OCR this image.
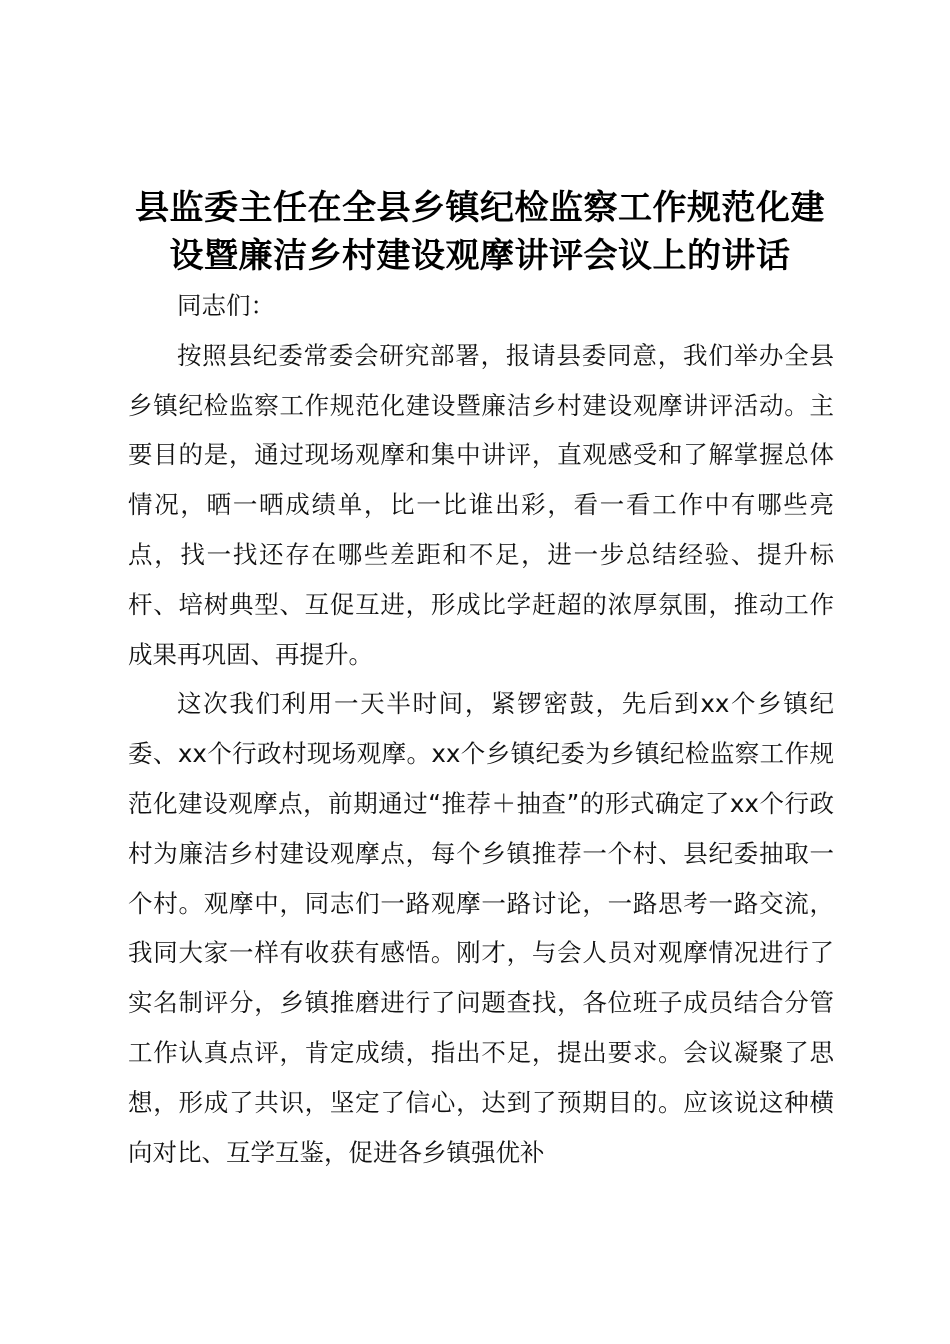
县监委主任在全县乡镇纪检监察工作规范化建
设暨廉洁乡村建设观摩讲评会议上的讲话

同志们：

按照县纪委常委会研究部署，报请县委同意，我们举办全县乡镇纪检监察工作规范化建设暨廉洁乡村建设观摩讲评活动。主要目的是，通过现场观摩和集中讲评，直观感受和了解掌握总体情况，晒一晒成绩单，比一比谁出彩，看一看工作中有哪些亮点，找一找还存在哪些差距和不足，进一步总结经验、提升标杆、培树典型、互促互进，形成比学赶超的浓厚氛围，推动工作成果再巩固、再提升。

这次我们利用一天半时间，紧锣密鼓，先后到xx个乡镇纪委、xx个行政村现场观摩。xx个乡镇纪委为乡镇纪检监察工作规范化建设观摩点，前期通过“推荐＋抽查”的形式确定了xx个行政村为廉洁乡村建设观摩点，每个乡镇推荐一个村、县纪委抽取一个村。观摩中，同志们一路观摩一路讨论，一路思考一路交流，我同大家一样有收获有感悟。刚才，与会人员对观摩情况进行了实名制评分，乡镇推磨进行了问题查找，各位班子成员结合分管工作认真点评，肯定成绩，指出不足，提出要求。会议凝聚了思想，形成了共识，坚定了信心，达到了预期目的。应该说这种横向对比、互学互鉴，促进各乡镇强优补
